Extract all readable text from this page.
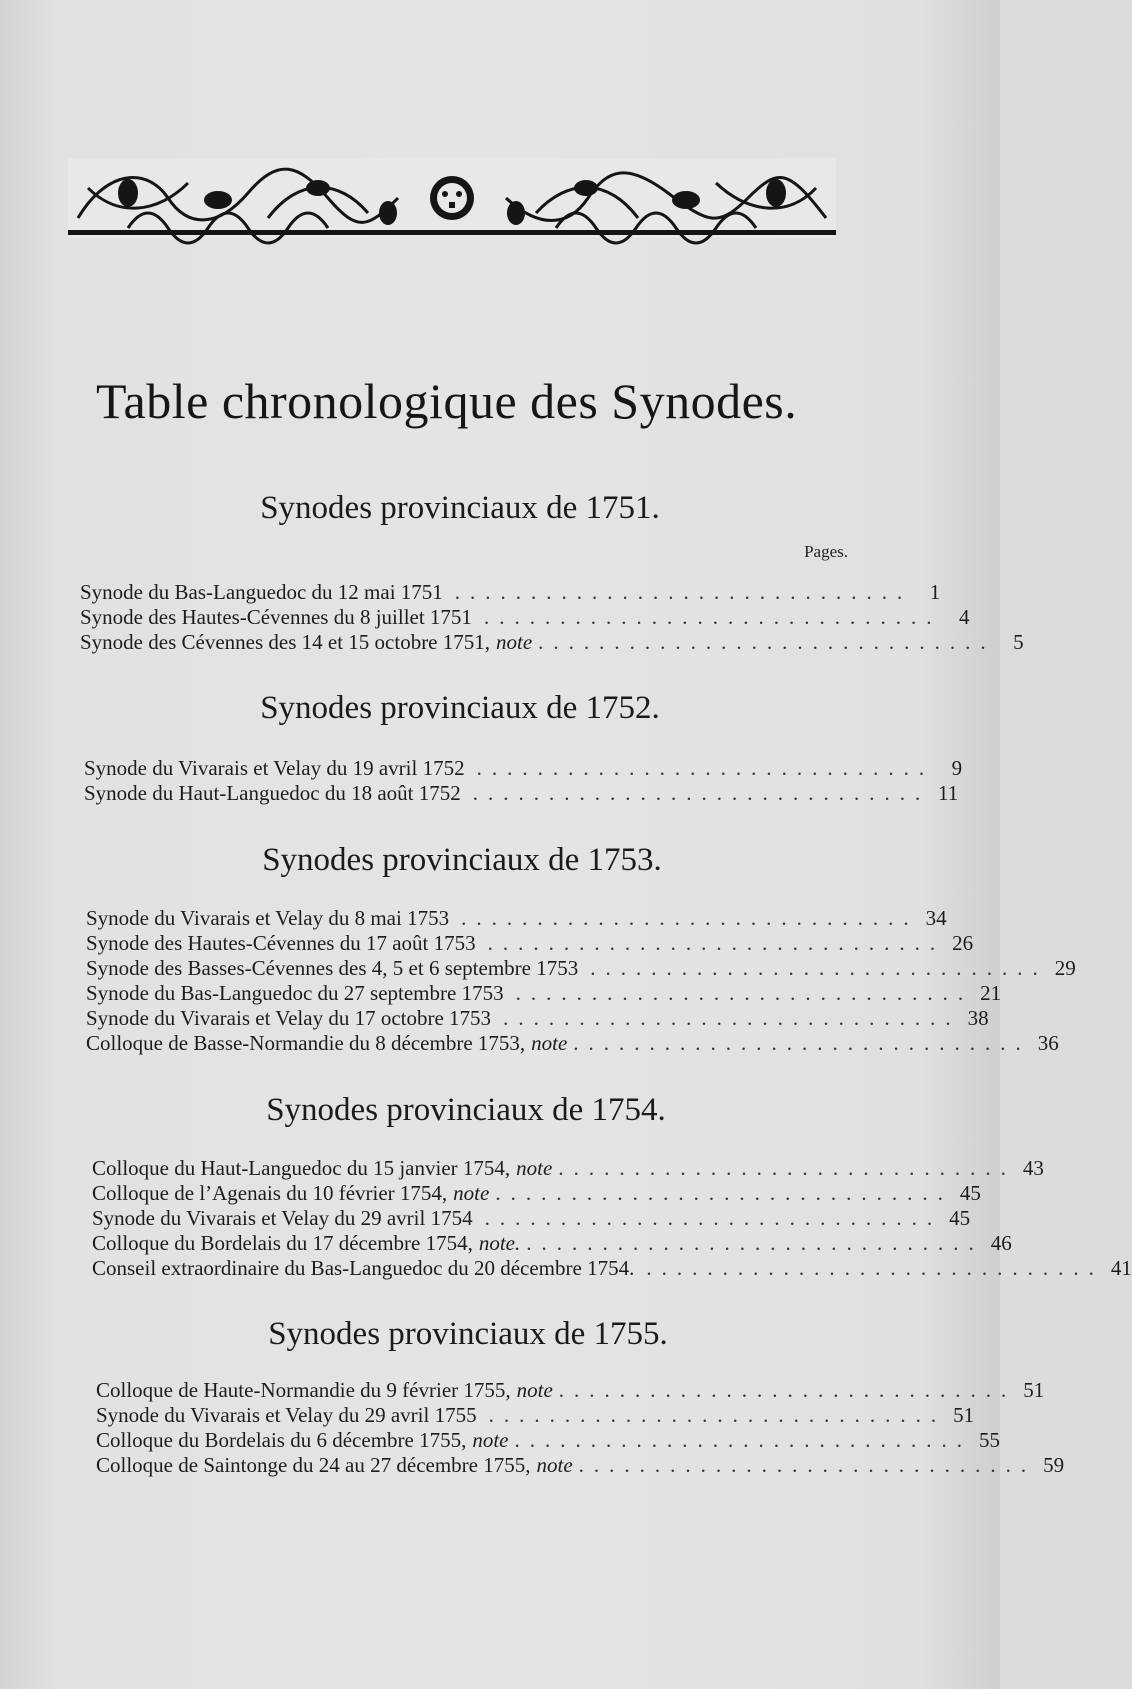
Table chronologique des Synodes.
Synodes provinciaux de 1751.
Pages.
Synode du Bas-Languedoc du 12 mai 1751 .............................. 1
Synode des Hautes-Cévennes du 8 juillet 1751 .............................. 4
Synode des Cévennes des 14 et 15 octobre 1751, note .............................. 5
Synodes provinciaux de 1752.
Synode du Vivarais et Velay du 19 avril 1752 .............................. 9
Synode du Haut-Languedoc du 18 août 1752 .............................. 11
Synodes provinciaux de 1753.
Synode du Vivarais et Velay du 8 mai 1753 .............................. 34
Synode des Hautes-Cévennes du 17 août 1753 .............................. 26
Synode des Basses-Cévennes des 4, 5 et 6 septembre 1753 .............................. 29
Synode du Bas-Languedoc du 27 septembre 1753 .............................. 21
Synode du Vivarais et Velay du 17 octobre 1753 .............................. 38
Colloque de Basse-Normandie du 8 décembre 1753, note .............................. 36
Synodes provinciaux de 1754.
Colloque du Haut-Languedoc du 15 janvier 1754, note .............................. 43
Colloque de l’Agenais du 10 février 1754, note .............................. 45
Synode du Vivarais et Velay du 29 avril 1754 .............................. 45
Colloque du Bordelais du 17 décembre 1754, note. .............................. 46
Conseil extraordinaire du Bas-Languedoc du 20 décembre 1754. .............................. 41
Synodes provinciaux de 1755.
Colloque de Haute-Normandie du 9 février 1755, note .............................. 51
Synode du Vivarais et Velay du 29 avril 1755 .............................. 51
Colloque du Bordelais du 6 décembre 1755, note .............................. 55
Colloque de Saintonge du 24 au 27 décembre 1755, note .............................. 59
